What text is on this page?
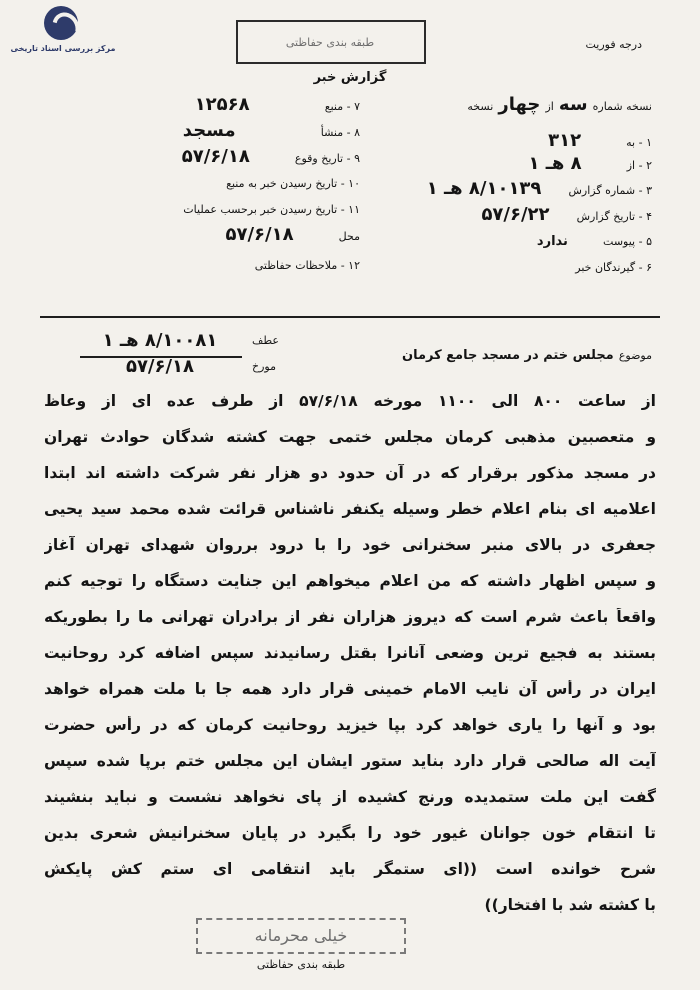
مرکز بررسی اسناد تاریخی	درجه فوریت
طبقه بندی حفاظتی
گزارش خبر
نسخه شماره سه از چهار نسخه
۱ - به ۳۱۲
۲ - از ۸ هـ ۱
۳ - شماره گزارش ۸/۱۰۱۳۹ هـ ۱
۴ - تاریخ گزارش ۵۷/۶/۲۲
۵ - پیوست ندارد
۶ - گیرندگان خبر
۷ - منبع ۱۲۵۶۸
۸ - منشأ مسجد
۹ - تاریخ وقوع ۵۷/۶/۱۸
۱۰ - تاریخ رسیدن خبر به منبع
۱۱ - تاریخ رسیدن خبر برحسب عملیات
محل ۵۷/۶/۱۸
۱۲ - ملاحظات حفاظتی
موضوع مجلس ختم در مسجد جامع کرمان
عطف
مورخ
۸/۱۰۰۸۱ هـ ۱
۵۷/۶/۱۸
از ساعت ۸۰۰ الی ۱۱۰۰ مورخه ۵۷/۶/۱۸ از طرف عده ای از وعاظ
و متعصبین مذهبی کرمان مجلس ختمی جهت کشته شدگان حوادث تهران
در مسجد مذکور برقرار که در آن حدود دو هزار نفر شرکت داشته اند ابتدا
اعلامیه ای بنام اعلام خطر وسیله یکنفر ناشناس قرائت شده محمد سید یحیی
جعفری در بالای منبر سخنرانی خود را با درود برروان شهدای تهران آغاز
و سپس اظهار داشته که من اعلام میخواهم این جنایت دستگاه را توجیه کنم
واقعاً باعث شرم است که دیروز هزاران نفر از برادران تهرانی ما را بطوریکه
بستند به فجیع ترین وضعی آنانرا بقتل رسانیدند سپس اضافه کرد روحانیت
ایران در رأس آن نایب الامام خمینی قرار دارد همه جا با ملت همراه خواهد
بود و آنها را یاری خواهد کرد بپا خیزید روحانیت کرمان که در رأس حضرت
آیت اله صالحی قرار دارد بناید ستور ایشان این مجلس ختم برپا شده سپس
گفت این ملت ستمدیده ورنج کشیده از پای نخواهد نشست و نباید بنشیند
تا انتقام خون جوانان غیور خود را بگیرد در پایان سخنرانیش شعری بدین
شرح خوانده است ((ای ستمگر باید انتقامی ای ستم کش پایکش
با کشته شد با افتخار))
خیلی محرمانه
طبقه بندی حفاظتی
